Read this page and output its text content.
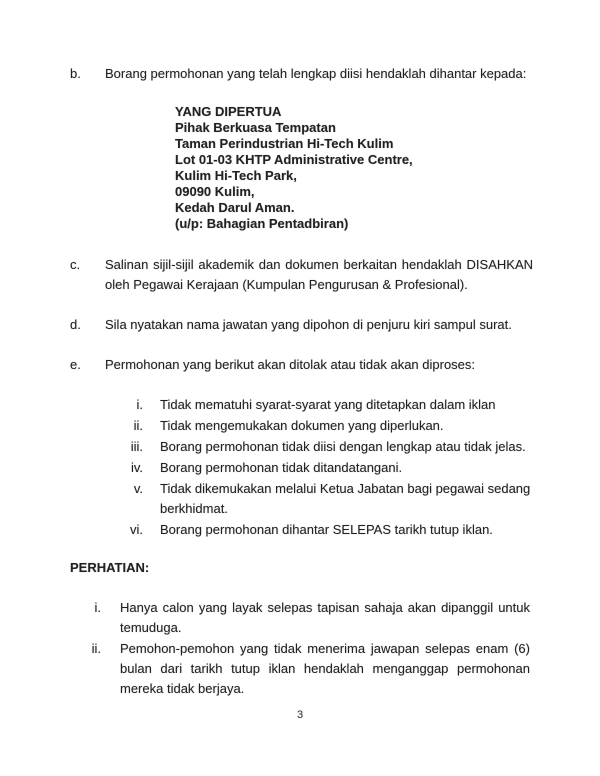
b.	Borang permohonan yang telah lengkap diisi hendaklah dihantar kepada:
YANG DIPERTUA
Pihak Berkuasa Tempatan
Taman Perindustrian Hi-Tech Kulim
Lot 01-03 KHTP Administrative Centre,
Kulim Hi-Tech Park,
09090 Kulim,
Kedah Darul Aman.
(u/p: Bahagian Pentadbiran)
c.	Salinan sijil-sijil akademik dan dokumen berkaitan hendaklah DISAHKAN oleh Pegawai Kerajaan (Kumpulan Pengurusan & Profesional).
d.	Sila nyatakan nama jawatan yang dipohon di penjuru kiri sampul surat.
e.	Permohonan yang berikut akan ditolak atau tidak akan diproses:
i. Tidak mematuhi syarat-syarat yang ditetapkan dalam iklan
ii. Tidak mengemukakan dokumen yang diperlukan.
iii. Borang permohonan tidak diisi dengan lengkap atau tidak jelas.
iv. Borang permohonan tidak ditandatangani.
v. Tidak dikemukakan melalui Ketua Jabatan bagi pegawai sedang berkhidmat.
vi. Borang permohonan dihantar SELEPAS tarikh tutup iklan.
PERHATIAN:
i. Hanya calon yang layak selepas tapisan sahaja akan dipanggil untuk temuduga.
ii. Pemohon-pemohon yang tidak menerima jawapan selepas enam (6) bulan dari tarikh tutup iklan hendaklah menganggap permohonan mereka tidak berjaya.
3
